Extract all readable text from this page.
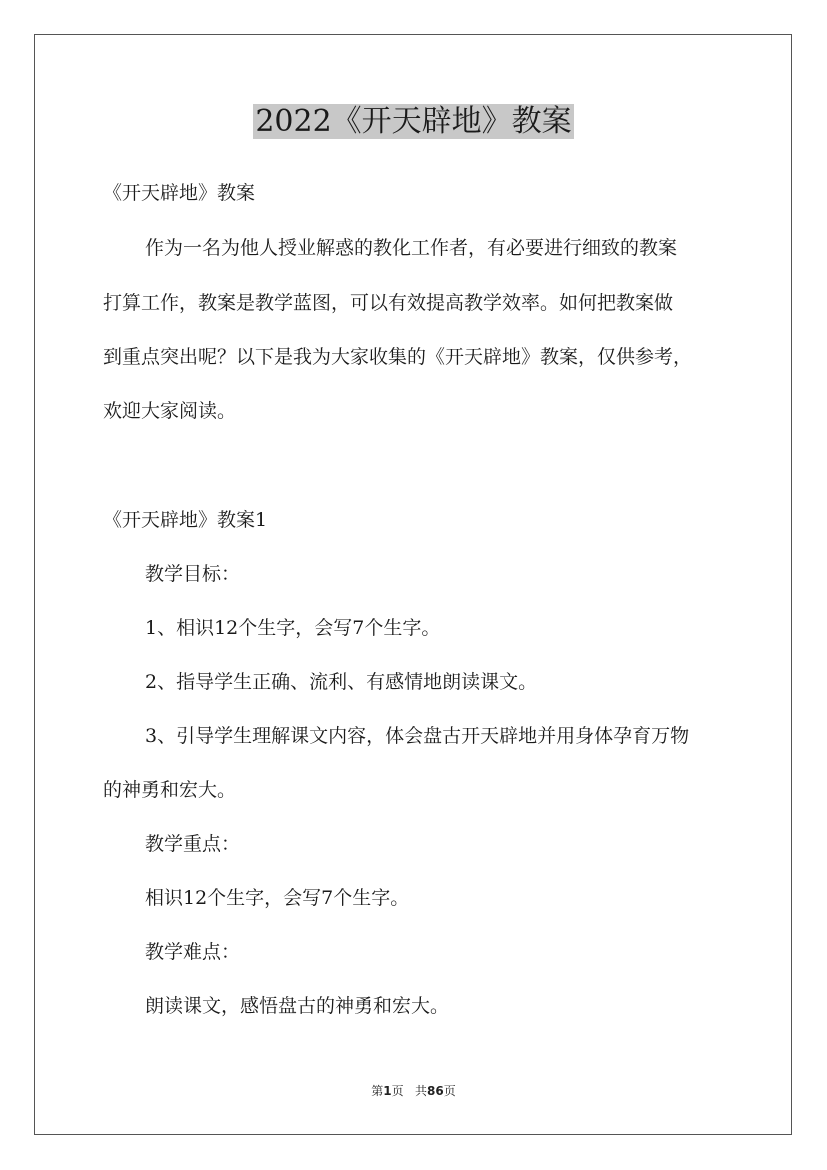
2022《开天辟地》教案
《开天辟地》教案
作为一名为他人授业解惑的教化工作者，有必要进行细致的教案
打算工作，教案是教学蓝图，可以有效提高教学效率。如何把教案做
到重点突出呢？以下是我为大家收集的《开天辟地》教案，仅供参考，
欢迎大家阅读。
《开天辟地》教案1
教学目标：
1、相识12个生字，会写7个生字。
2、指导学生正确、流利、有感情地朗读课文。
3、引导学生理解课文内容，体会盘古开天辟地并用身体孕育万物
的神勇和宏大。
教学重点：
相识12个生字，会写7个生字。
教学难点：
朗读课文，感悟盘古的神勇和宏大。
第1页   共86页
